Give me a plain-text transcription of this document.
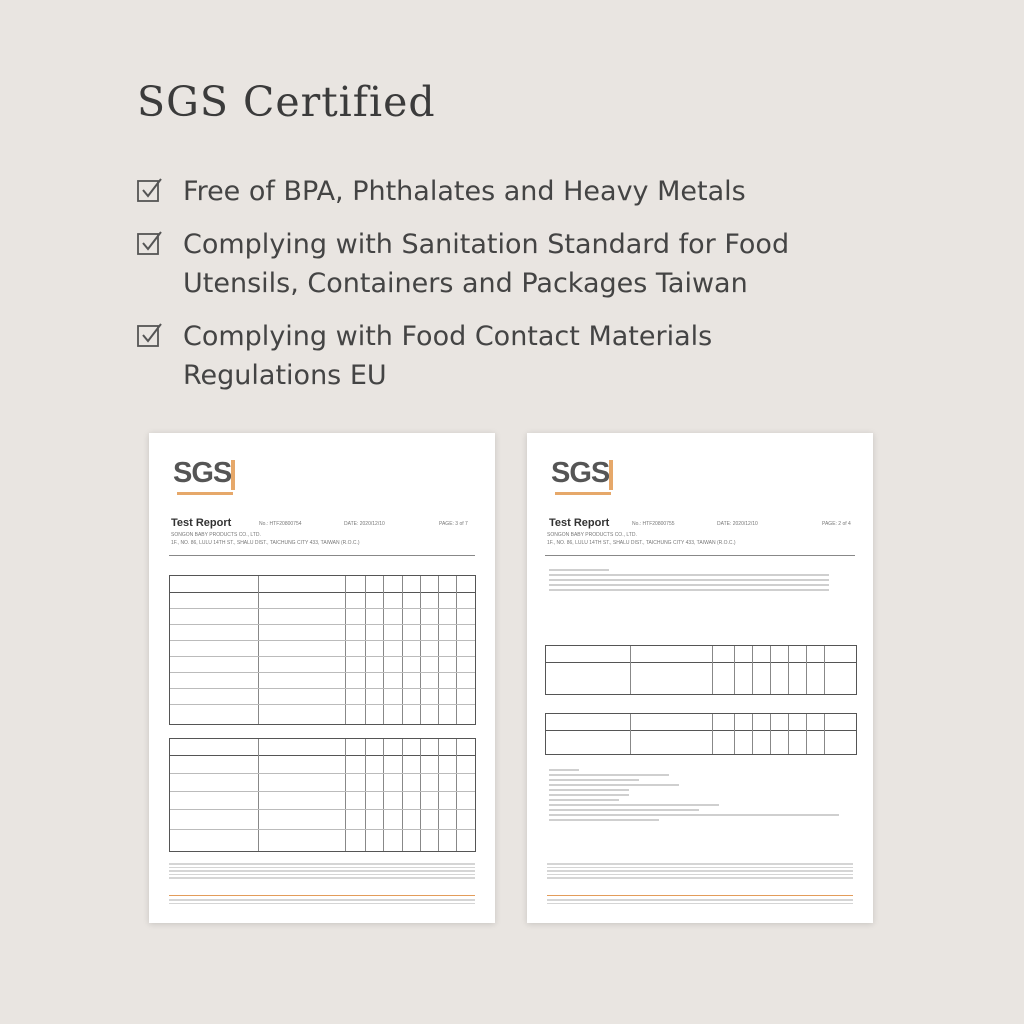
SGS Certified
Free of BPA, Phthalates and Heavy Metals
Complying with Sanitation Standard for Food
Utensils, Containers and Packages Taiwan
Complying with Food Contact Materials
Regulations EU
SGS
Test Report	No.: HTF20800754	DATE: 2020/12/10	PAGE: 3 of 7
SONGON BABY PRODUCTS CO., LTD.
1F., NO. 86, LULU 14TH ST., SHALU DIST., TAICHUNG CITY 433, TAIWAN (R.O.C.)
SGS
Test Report	No.: HTF20800755	DATE: 2020/12/10	PAGE: 2 of 4
SONGON BABY PRODUCTS CO., LTD.
1F., NO. 86, LULU 14TH ST., SHALU DIST., TAICHUNG CITY 433, TAIWAN (R.O.C.)
